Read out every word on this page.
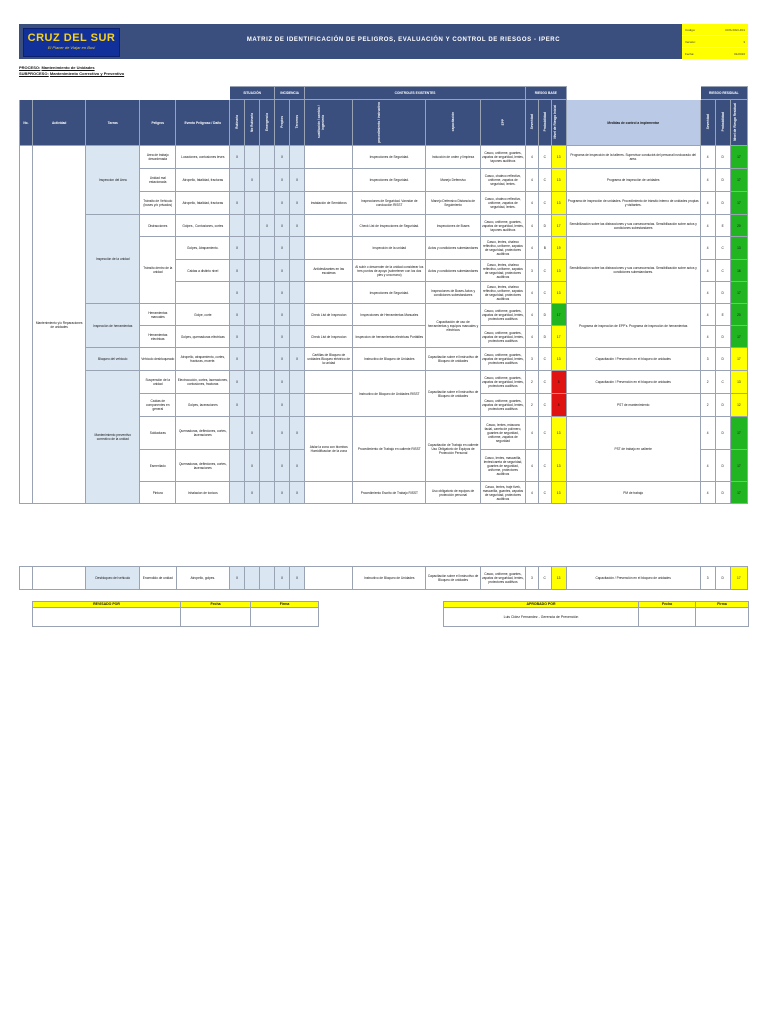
CRUZ DEL SUR
El Placer de Viajar en Bus!
MATRIZ DE IDENTIFICACIÓN DE PELIGROS, EVALUACIÓN Y CONTROL DE RIESGOS - IPERC
Código:	CDS-SSO-F01
Versión:	3
Fecha:	01/2016
PROCESO: Mantenimiento de Unidades
SUBPROCESO: Mantenimiento Correctivo y Preventivo
					SITUACIÓN			INCIDENCIA		CONTROLES EXISTENTES				RIESGO BASE				RIESGO RESIDUAL		
No.	Actividad	Tareas	Peligros	Evento Peligroso / Daño	Rutinaria	No Rutinaria	Emergencia	Propios	Terceros	sustitución / cambio / ingeniería	procedimiento / instructivo	capacitación	EPP	Severidad	Probabilidad	Nivel de Riesgo Inicial	Medidas de control a implementar	Severidad	Probabilidad	Nivel de Riesgo Residual
	Mantenimiento y/o Reparaciones de unidades	Inspeccion del Area	Area de trabajo desordenada	Luxaciones, contusiones leves	X			X			Inspecciones de Seguridad.	Inducción de orden y limpieza	Casco, uniforme, guantes, zapatos de seguridad, lentes, tapones auditivos	4	C	13	Programa de inspección de la talleres. Supervisor conducirá del personal involucrado del area.	4	D	17
			Unidad mal estacionada	Atropello, fatalidad, fracturas		X		X	X		Inspecciones de Seguridad.	Manejo Defensivo	Casco, chaleco reflectivo, uniforme, zapatos de seguridad, lentes.	4	C	13	Programa de inspección de unidades	4	D	17
			Tránsito de Vehículo (buses y/o privados)	Atropello, fatalidad, fracturas	X			X	X	Instalación de Semáforos	Inspecciones de Seguridad. Vanndar de conducción RISST	Manejo Defensivo Distancia de Seguimiento	Casco, chaleco reflectivo, uniforme, zapatos de seguridad, lentes.	4	C	13	Programa de inspección de unidades. Procedimiento de tránsito interno de unidades propias y visitantes.	4	D	17
		Inspección de la unidad	Distracciones	Golpes , Contusiones, cortes			X	X	X		Check List de Inspecciones de Seguridad.	Inspecciones de Buses	Casco, uniforme, guantes, zapatos de seguridad, lentes, tapones auditivos	4	D	17	Sensibilización sobre las distracciones y sus consecuencias. Sensibilización sobre actos y condiciones subestandares	4	E	20
			Tránsito dentro de la unidad	Golpes, Atrapamiento.	X			X			Inspección de la unidad	Actos y condiciones subestandares	Casco, lentes, chaleco reflectivo, uniforme, zapatos de seguridad, protectores auditivos	4	B	19	Sensibilización sobre las distracciones y sus consecuencias. Sensibilización sobre actos y condiciones subestandares.	4	C	13
				Caidas a distinto nivel	X			X		Antideslizantes en las escaleras	Al subir o descender de la unidad considerar los tres puntos de apoyo (sobretener con los dos pies y una mano)	Actos y condiciones subestandares	Casco, lentes, chaleco reflectivo, uniforme, zapatos de seguridad, protectores auditivos	3	C	13		4	C	16
					X			X			Inspecciones de Seguridad.	Inspecciones de Buses Actos y condiciones subestandares	Casco, lentes, chaleco reflectivo, uniforme, zapatos de seguridad, protectores auditivos	4	C	13		4	D	17
		Inspección de herramientas	Herramientas manuales	Golpe, corte	X			X		Check List de Inspeccion	Inspecciones de Herramientas Manuales	Capacitación de uso de herramientas y equipos manuales y eléctricos	Casco, uniforme, guantes, zapatos de seguridad, lentes, protectores auditivos	4	D	17	Programa de inspección de EPP's. Programa de inspección de herramientas	4	E	20
			Herramientas electricas	Golpes, quemaduras eléctricas	X			X		Check List de Inspeccion	Inspeccion de herramientas electricas Portátiles		Casco, uniforme, guantes, zapatos de seguridad, lentes, protectores auditivos	4	D	17		4	D	17
		Bloqueo del vehiculo	Vehículo desbloqueado	Atropello, atrapamiento, cortes, fracturas, muerte.	X			X	X	Cartillas de Bloqueo de unidades Bloqueo eléctrico de la unidad	Instructivo de Bloqueo de Unidades	Capacitación sobre el Instructivo de Bloqueo de unidades	Casco, uniforme, guantes, zapatos de seguridad, lentes, protectores auditivos	3	C	13	Capacitación / Prevención en el bloqueo de unidades	3	D	17
		Mantenimiento preventivo correctivo de la unidad	Suspensión de la unidad	Electrocución, cortes, laceraciones, contusiones, fracturas	X			X			Instructivo de Bloqueo de Unidades RISST	Capacitación sobre el Instructivo de Bloqueo de unidades	Casco, uniforme, guantes, zapatos de seguridad, lentes, protectores auditivos	2	C	8	Capacitación / Prevención en el bloqueo de unidades	2	C	13
			Caídas de componentes en general	Golpes, laceraciones	X			X					Casco, uniforme, guantes, zapatos de seguridad, lentes, protectores auditivos	2	C	8	PST de mantenimiento	2	D	12
			Soldaduras	Quemaduras, deflexiones, cortes, laceraciones		X		X	X	Aislar la zona con biombos Humidificacion de la zona	Procedimiento de Trabajo en caliente RISST	Capacitación de Trabajo en caliente Uso Obligatorio de Equipos de Protección Personal	Casco, lentes, máscara facial, careta de polímero, guantes de seguridad, uniforme, zapatos de seguridad	4	C	13	PST de trabajo en caliente	4	D	17
			Esmerilado	Quemaduras, deflexiones, cortes, laceraciones		X		X	X				Casco, lentes, mascarilla, lentes/careta de seguridad, guantes de seguridad, uniforme, protectores auditivos	4	C	13		4	D	17
			Pintura	Inhalacion de toxicos		X		X	X		Procedimiento Escrito de Trabajo RISST	Uso obligatorio de equipos de protección personal	Casco, lentes, traje tivek, mascarilla, guantes, zapatos de seguridad, protectores auditivos	4	C	13	PM de trabajo	4	D	17
		Desbloqueo del vehiculo	Encendido de unidad	Atropello, golpes.	X			X	X		Instructivo de Bloqueo de Unidades	Capacitación sobre el Instructivo de Bloqueo de unidades	Casco, uniforme, guantes, zapatos de seguridad, lentes, protectores auditivos	3	C	13	Capacitación / Prevención en el bloqueo de unidades	3	D	17
REVISADO POR	Fecha	Firma
			APROBADO POR	Fecha	Firma
Luis Cidez Fernandez - Gerencia de Prevención		
